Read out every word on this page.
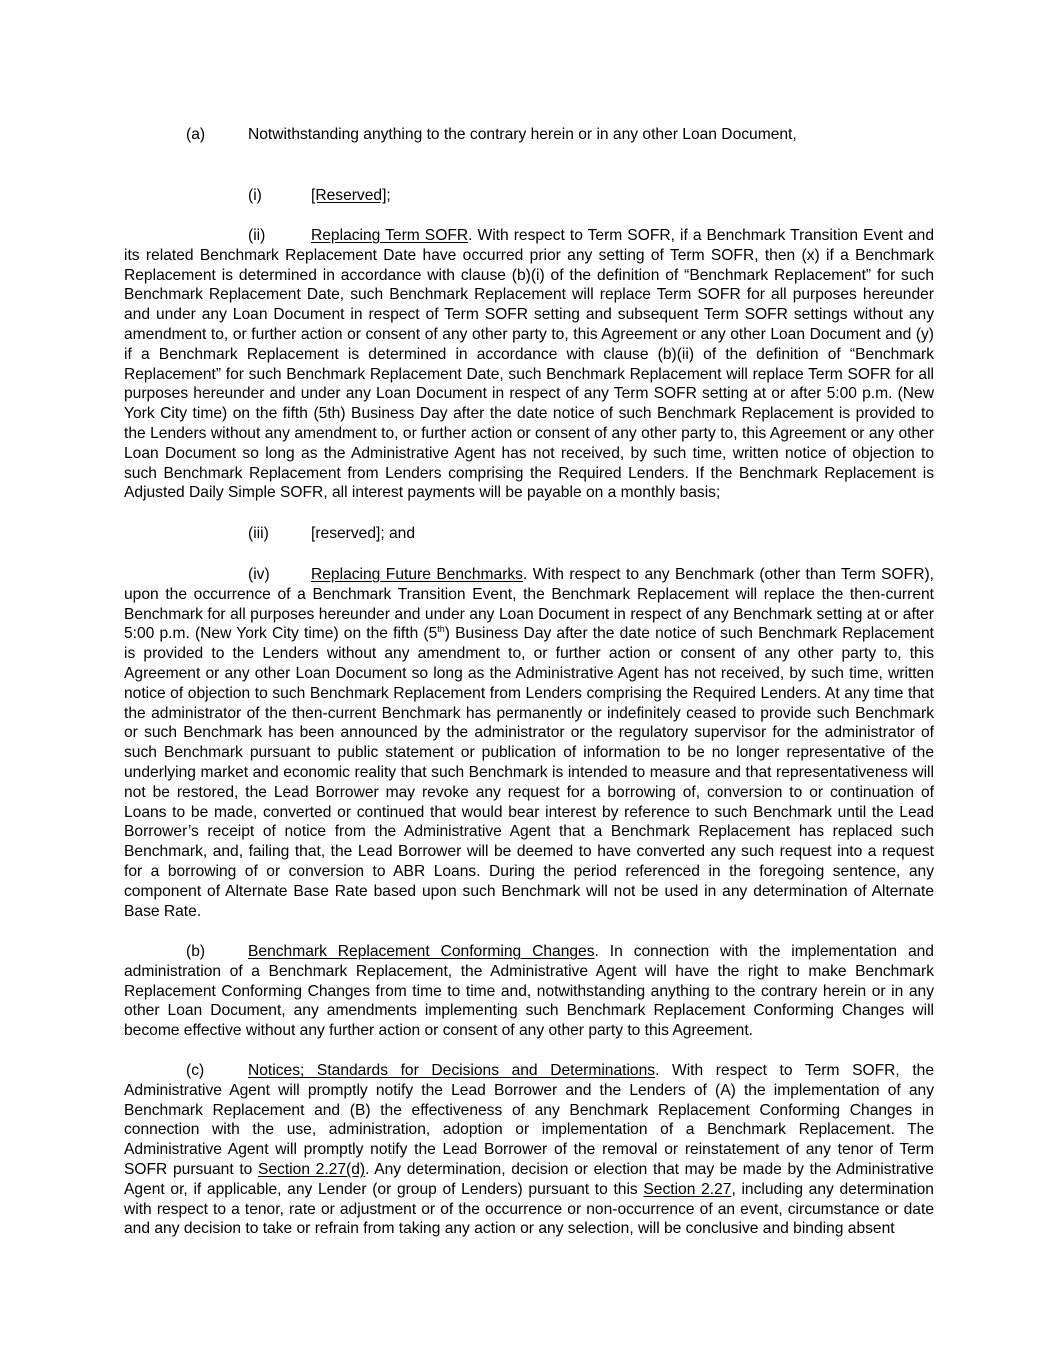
(a)	Notwithstanding anything to the contrary herein or in any other Loan Document,
(i)	[Reserved];

(ii)	Replacing Term SOFR. With respect to Term SOFR, if a Benchmark Transition Event and its related Benchmark Replacement Date have occurred prior any setting of Term SOFR, then (x) if a Benchmark Replacement is determined in accordance with clause (b)(i) of the definition of “Benchmark Replacement” for such Benchmark Replacement Date, such Benchmark Replacement will replace Term SOFR for all purposes hereunder and under any Loan Document in respect of Term SOFR setting and subsequent Term SOFR settings without any amendment to, or further action or consent of any other party to, this Agreement or any other Loan Document and (y) if a Benchmark Replacement is determined in accordance with clause (b)(ii) of the definition of “Benchmark Replacement” for such Benchmark Replacement Date, such Benchmark Replacement will replace Term SOFR for all purposes hereunder and under any Loan Document in respect of any Term SOFR setting at or after 5:00 p.m. (New York City time) on the fifth (5th) Business Day after the date notice of such Benchmark Replacement is provided to the Lenders without any amendment to, or further action or consent of any other party to, this Agreement or any other Loan Document so long as the Administrative Agent has not received, by such time, written notice of objection to such Benchmark Replacement from Lenders comprising the Required Lenders. If the Benchmark Replacement is Adjusted Daily Simple SOFR, all interest payments will be payable on a monthly basis;

(iii)	[reserved]; and

(iv)	Replacing Future Benchmarks. With respect to any Benchmark (other than Term SOFR), upon the occurrence of a Benchmark Transition Event, the Benchmark Replacement will replace the then-current Benchmark for all purposes hereunder and under any Loan Document in respect of any Benchmark setting at or after 5:00 p.m. (New York City time) on the fifth (5th) Business Day after the date notice of such Benchmark Replacement is provided to the Lenders without any amendment to, or further action or consent of any other party to, this Agreement or any other Loan Document so long as the Administrative Agent has not received, by such time, written notice of objection to such Benchmark Replacement from Lenders comprising the Required Lenders. At any time that the administrator of the then-current Benchmark has permanently or indefinitely ceased to provide such Benchmark or such Benchmark has been announced by the administrator or the regulatory supervisor for the administrator of such Benchmark pursuant to public statement or publication of information to be no longer representative of the underlying market and economic reality that such Benchmark is intended to measure and that representativeness will not be restored, the Lead Borrower may revoke any request for a borrowing of, conversion to or continuation of Loans to be made, converted or continued that would bear interest by reference to such Benchmark until the Lead Borrower’s receipt of notice from the Administrative Agent that a Benchmark Replacement has replaced such Benchmark, and, failing that, the Lead Borrower will be deemed to have converted any such request into a request for a borrowing of or conversion to ABR Loans. During the period referenced in the foregoing sentence, any component of Alternate Base Rate based upon such Benchmark will not be used in any determination of Alternate Base Rate.

(b)	Benchmark Replacement Conforming Changes. In connection with the implementation and administration of a Benchmark Replacement, the Administrative Agent will have the right to make Benchmark Replacement Conforming Changes from time to time and, notwithstanding anything to the contrary herein or in any other Loan Document, any amendments implementing such Benchmark Replacement Conforming Changes will become effective without any further action or consent of any other party to this Agreement.

(c)	Notices; Standards for Decisions and Determinations. With respect to Term SOFR, the Administrative Agent will promptly notify the Lead Borrower and the Lenders of (A) the implementation of any Benchmark Replacement and (B) the effectiveness of any Benchmark Replacement Conforming Changes in connection with the use, administration, adoption or implementation of a Benchmark Replacement. The Administrative Agent will promptly notify the Lead Borrower of the removal or reinstatement of any tenor of Term SOFR pursuant to Section 2.27(d). Any determination, decision or election that may be made by the Administrative Agent or, if applicable, any Lender (or group of Lenders) pursuant to this Section 2.27, including any determination with respect to a tenor, rate or adjustment or of the occurrence or non-occurrence of an event, circumstance or date and any decision to take or refrain from taking any action or any selection, will be conclusive and binding absent
